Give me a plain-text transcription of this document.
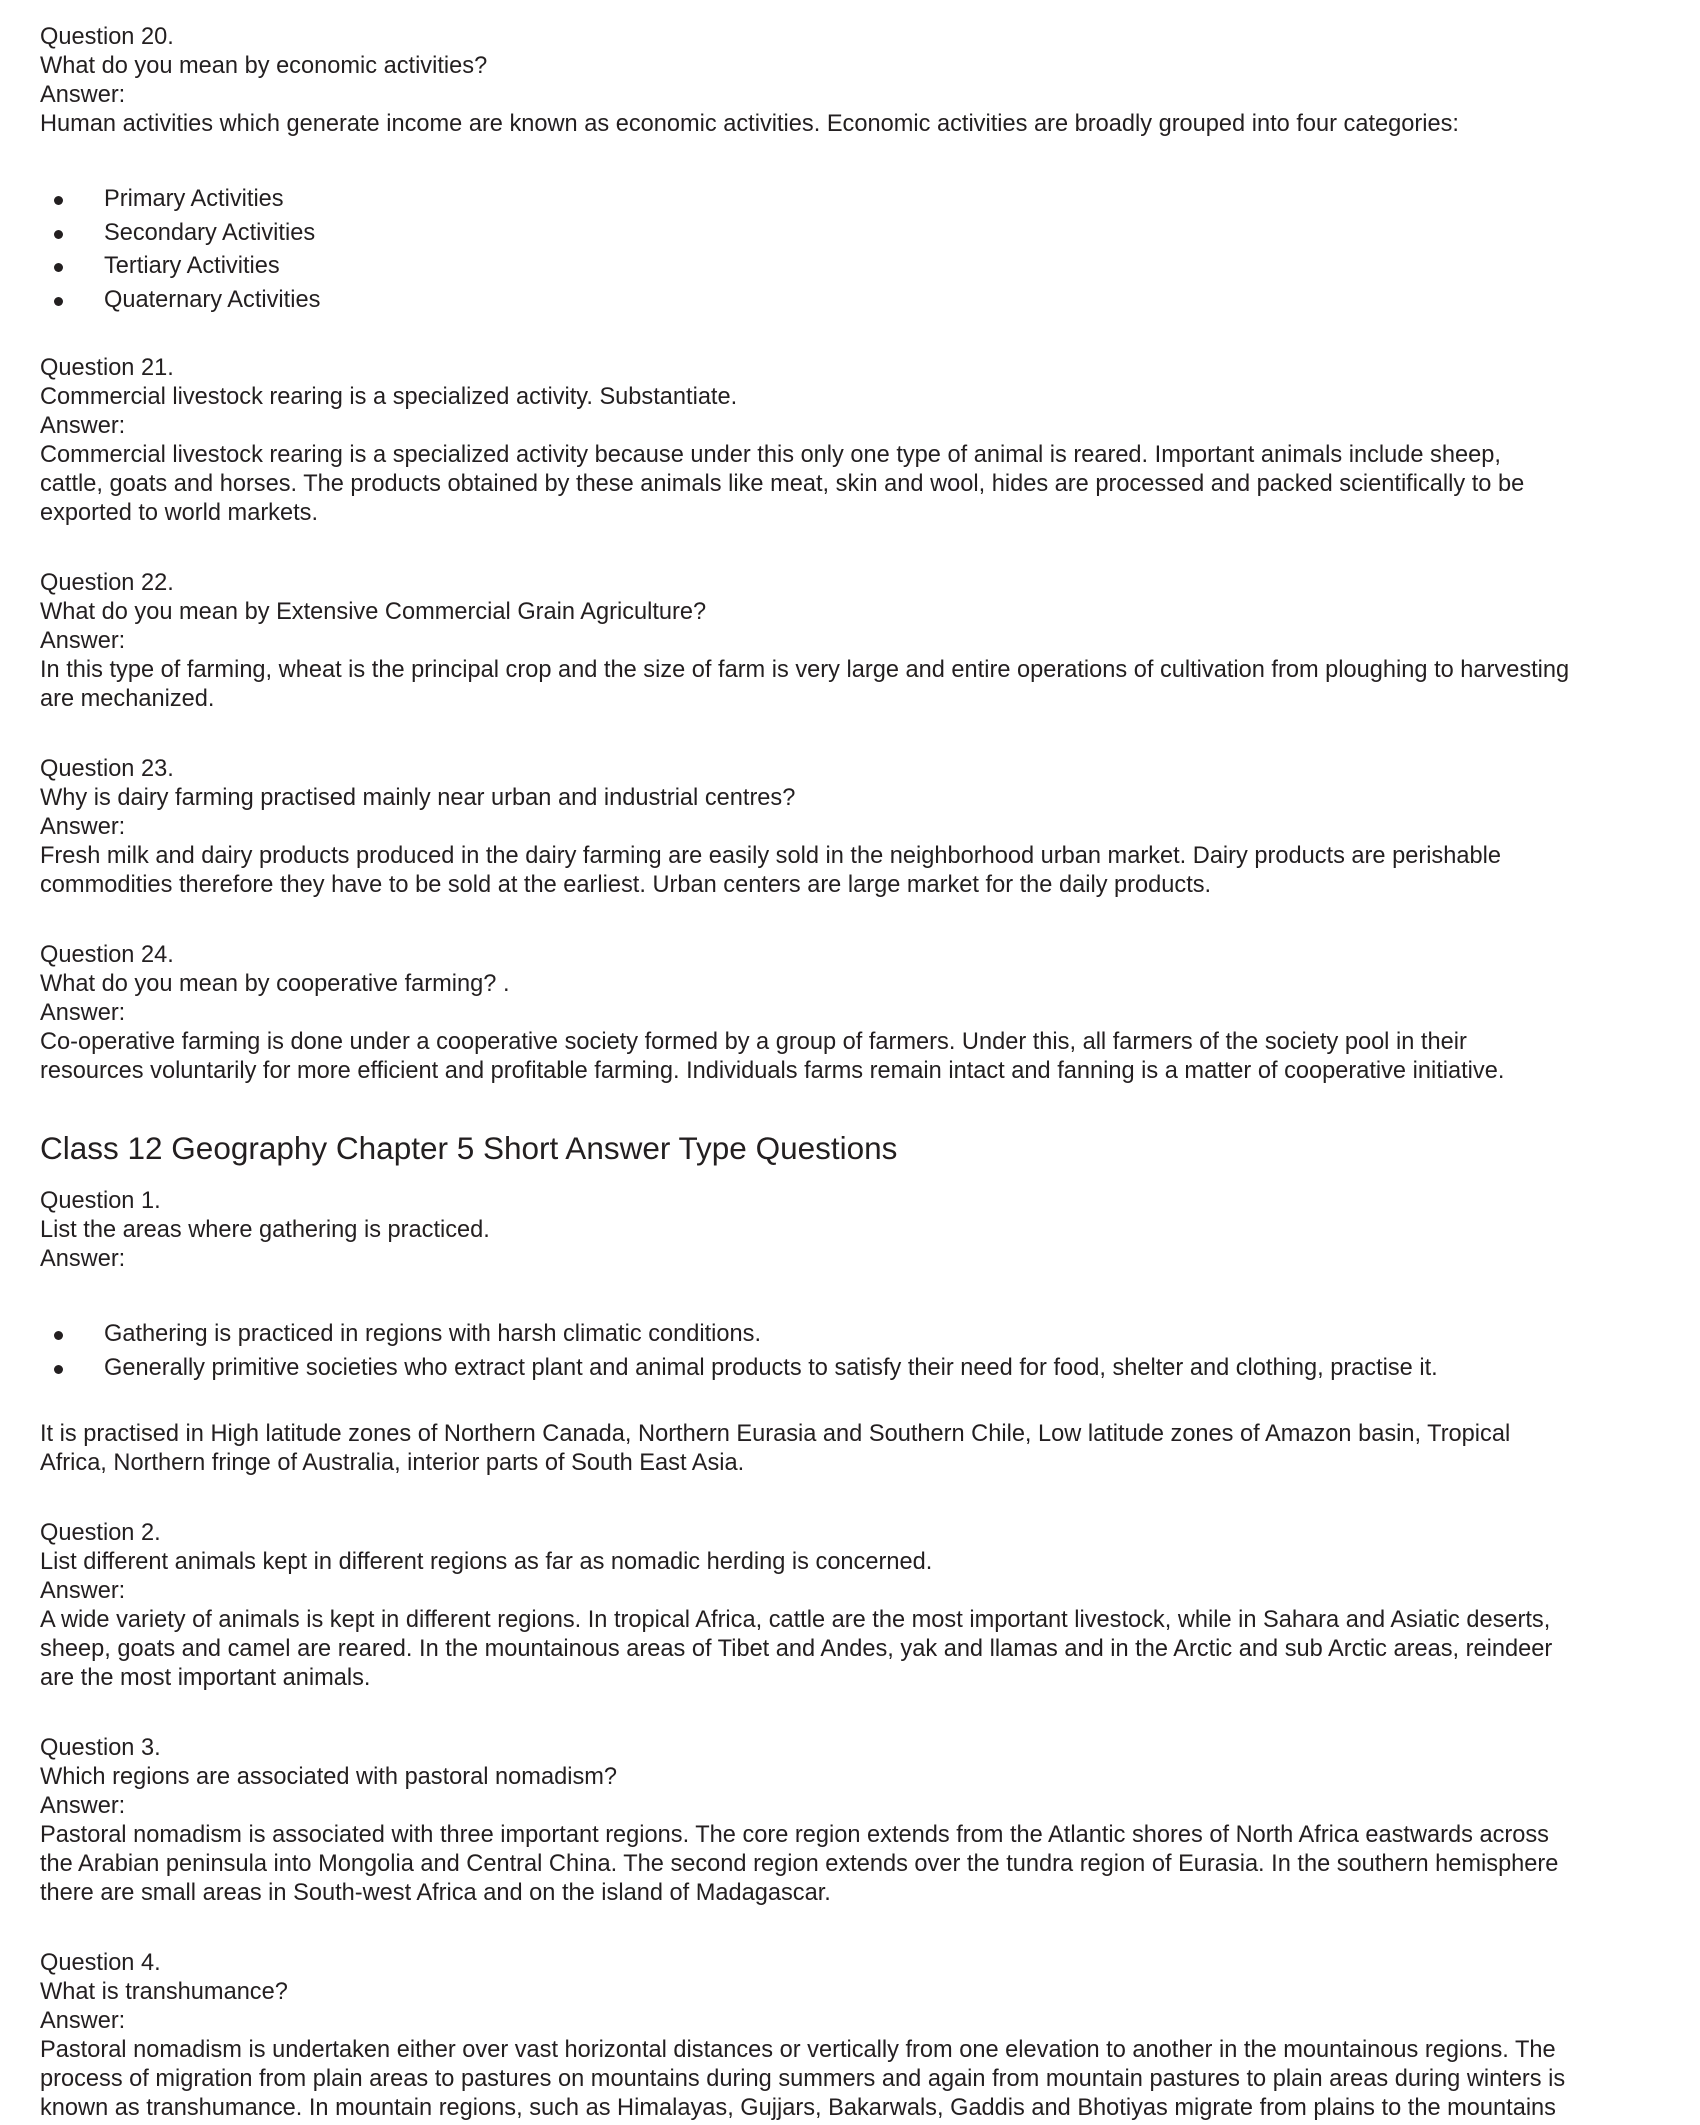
Question 20.

What do you mean by economic activities?

Answer:

Human activities which generate income are known as economic activities. Economic activities are broadly grouped into four categories:

Primary Activities
Secondary Activities
Tertiary Activities
Quaternary Activities

Question 21.

Commercial livestock rearing is a specialized activity. Substantiate.

Answer:

Commercial livestock rearing is a specialized activity because under this only one type of animal is reared. Important animals include sheep,
cattle, goats and horses. The products obtained by these animals like meat, skin and wool, hides are processed and packed scientifically to be
exported to world markets.

Question 22.

What do you mean by Extensive Commercial Grain Agriculture?

Answer:

In this type of farming, wheat is the principal crop and the size of farm is very large and entire operations of cultivation from ploughing to harvesting
are mechanized.

Question 23.

Why is dairy farming practised mainly near urban and industrial centres?

Answer:

Fresh milk and dairy products produced in the dairy farming are easily sold in the neighborhood urban market. Dairy products are perishable
commodities therefore they have to be sold at the earliest. Urban centers are large market for the daily products.

Question 24.

What do you mean by cooperative farming? .

Answer:

Co-operative farming is done under a cooperative society formed by a group of farmers. Under this, all farmers of the society pool in their
resources voluntarily for more efficient and profitable farming. Individuals farms remain intact and fanning is a matter of cooperative initiative.

Class 12 Geography Chapter 5 Short Answer Type Questions

Question 1.

List the areas where gathering is practiced.

Answer:

Gathering is practiced in regions with harsh climatic conditions.
Generally primitive societies who extract plant and animal products to satisfy their need for food, shelter and clothing, practise it.

It is practised in High latitude zones of Northern Canada, Northern Eurasia and Southern Chile, Low latitude zones of Amazon basin, Tropical
Africa, Northern fringe of Australia, interior parts of South East Asia.

Question 2.

List different animals kept in different regions as far as nomadic herding is concerned.

Answer:

A wide variety of animals is kept in different regions. In tropical Africa, cattle are the most important livestock, while in Sahara and Asiatic deserts,
sheep, goats and camel are reared. In the mountainous areas of Tibet and Andes, yak and llamas and in the Arctic and sub Arctic areas, reindeer
are the most important animals.

Question 3.

Which regions are associated with pastoral nomadism?

Answer:

Pastoral nomadism is associated with three important regions. The core region extends from the Atlantic shores of North Africa eastwards across
the Arabian peninsula into Mongolia and Central China. The second region extends over the tundra region of Eurasia. In the southern hemisphere
there are small areas in South-west Africa and on the island of Madagascar.

Question 4.

What is transhumance?

Answer:

Pastoral nomadism is undertaken either over vast horizontal distances or vertically from one elevation to another in the mountainous regions. The
process of migration from plain areas to pastures on mountains during summers and again from mountain pastures to plain areas during winters is
known as transhumance. In mountain regions, such as Himalayas, Gujjars, Bakarwals, Gaddis and Bhotiyas migrate from plains to the mountains
